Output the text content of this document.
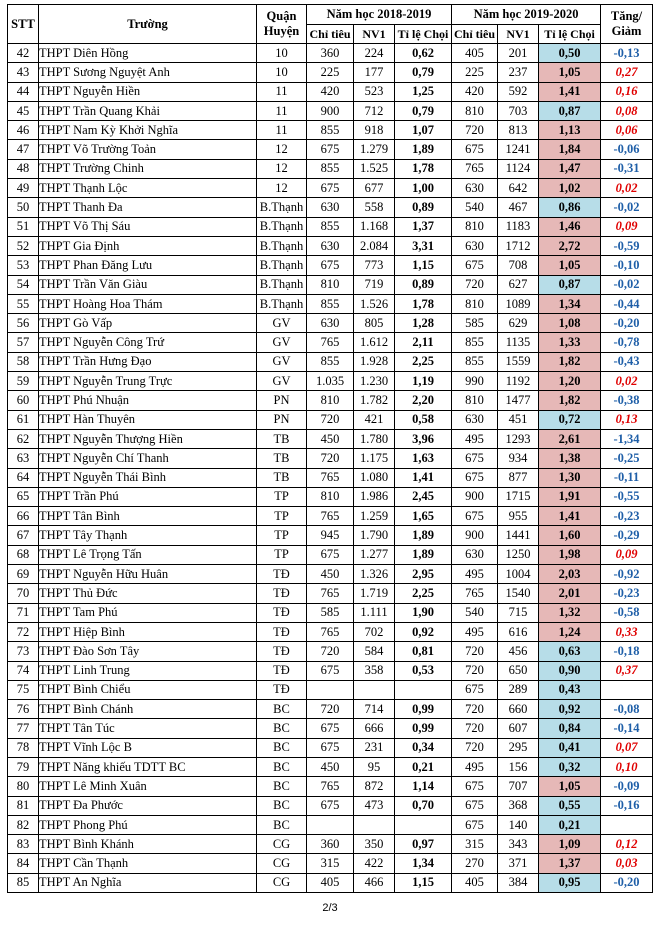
STT	Trường	Quận
Huyện	Năm học 2018-2019			Năm học 2019-2020			Tăng/
Giảm
			Chỉ tiêu	NV1	Tỉ lệ Chọi	Chỉ tiêu	NV1	Tỉ lệ Chọi	
42	THPT Diên Hồng	10	360	224	0,62	405	201	0,50	-0,13
43	THPT Sương Nguyệt Anh	10	225	177	0,79	225	237	1,05	0,27
44	THPT Nguyễn Hiền	11	420	523	1,25	420	592	1,41	0,16
45	THPT Trần Quang Khải	11	900	712	0,79	810	703	0,87	0,08
46	THPT Nam Kỳ Khởi Nghĩa	11	855	918	1,07	720	813	1,13	0,06
47	THPT Võ Trường Toản	12	675	1.279	1,89	675	1241	1,84	-0,06
48	THPT Trường Chinh	12	855	1.525	1,78	765	1124	1,47	-0,31
49	THPT Thạnh Lộc	12	675	677	1,00	630	642	1,02	0,02
50	THPT Thanh Đa	B.Thạnh	630	558	0,89	540	467	0,86	-0,02
51	THPT Võ Thị Sáu	B.Thạnh	855	1.168	1,37	810	1183	1,46	0,09
52	THPT Gia Định	B.Thạnh	630	2.084	3,31	630	1712	2,72	-0,59
53	THPT Phan Đăng Lưu	B.Thạnh	675	773	1,15	675	708	1,05	-0,10
54	THPT Trần Văn Giàu	B.Thạnh	810	719	0,89	720	627	0,87	-0,02
55	THPT Hoàng Hoa Thám	B.Thạnh	855	1.526	1,78	810	1089	1,34	-0,44
56	THPT Gò Vấp	GV	630	805	1,28	585	629	1,08	-0,20
57	THPT Nguyễn Công Trứ	GV	765	1.612	2,11	855	1135	1,33	-0,78
58	THPT Trần Hưng Đạo	GV	855	1.928	2,25	855	1559	1,82	-0,43
59	THPT Nguyễn Trung Trực	GV	1.035	1.230	1,19	990	1192	1,20	0,02
60	THPT Phú Nhuận	PN	810	1.782	2,20	810	1477	1,82	-0,38
61	THPT Hàn Thuyên	PN	720	421	0,58	630	451	0,72	0,13
62	THPT Nguyễn Thượng Hiền	TB	450	1.780	3,96	495	1293	2,61	-1,34
63	THPT Nguyễn Chí Thanh	TB	720	1.175	1,63	675	934	1,38	-0,25
64	THPT Nguyễn Thái Bình	TB	765	1.080	1,41	675	877	1,30	-0,11
65	THPT Trần Phú	TP	810	1.986	2,45	900	1715	1,91	-0,55
66	THPT Tân Bình	TP	765	1.259	1,65	675	955	1,41	-0,23
67	THPT Tây Thạnh	TP	945	1.790	1,89	900	1441	1,60	-0,29
68	THPT Lê Trọng Tấn	TP	675	1.277	1,89	630	1250	1,98	0,09
69	THPT Nguyễn Hữu Huân	TĐ	450	1.326	2,95	495	1004	2,03	-0,92
70	THPT Thủ Đức	TĐ	765	1.719	2,25	765	1540	2,01	-0,23
71	THPT Tam Phú	TĐ	585	1.111	1,90	540	715	1,32	-0,58
72	THPT Hiệp Bình	TĐ	765	702	0,92	495	616	1,24	0,33
73	THPT Đào Sơn Tây	TĐ	720	584	0,81	720	456	0,63	-0,18
74	THPT Linh Trung	TĐ	675	358	0,53	720	650	0,90	0,37
75	THPT Bình Chiểu	TĐ				675	289	0,43	
76	THPT Bình Chánh	BC	720	714	0,99	720	660	0,92	-0,08
77	THPT Tân Túc	BC	675	666	0,99	720	607	0,84	-0,14
78	THPT Vĩnh Lộc B	BC	675	231	0,34	720	295	0,41	0,07
79	THPT Năng khiếu TDTT BC	BC	450	95	0,21	495	156	0,32	0,10
80	THPT Lê Minh Xuân	BC	765	872	1,14	675	707	1,05	-0,09
81	THPT Đa Phước	BC	675	473	0,70	675	368	0,55	-0,16
82	THPT Phong Phú	BC				675	140	0,21	
83	THPT Bình Khánh	CG	360	350	0,97	315	343	1,09	0,12
84	THPT Cần Thạnh	CG	315	422	1,34	270	371	1,37	0,03
85	THPT An Nghĩa	CG	405	466	1,15	405	384	0,95	-0,20
2/3
